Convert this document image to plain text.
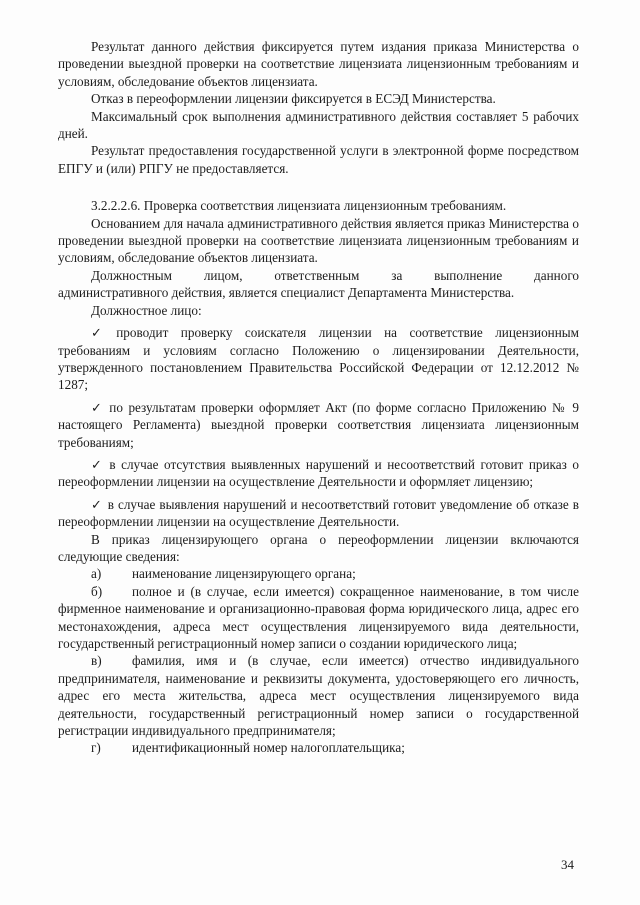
Результат данного действия фиксируется путем издания приказа Министерства о проведении выездной проверки на соответствие лицензиата лицензионным требованиям и условиям, обследование объектов лицензиата.

Отказ в переоформлении лицензии фиксируется в ЕСЭД Министерства.

Максимальный срок выполнения административного действия составляет 5 рабочих дней.

Результат предоставления государственной услуги в электронной форме посредством ЕПГУ и (или) РПГУ не предоставляется.

3.2.2.2.6. Проверка соответствия лицензиата лицензионным требованиям.

Основанием для начала административного действия является приказ Министерства о проведении выездной проверки на соответствие лицензиата лицензионным требованиям и условиям, обследование объектов лицензиата.

Должностным лицом, ответственным за выполнение данного

административного действия, является специалист Департамента Министерства.

Должностное лицо:

✓ проводит проверку соискателя лицензии на соответствие лицензионным требованиям и условиям согласно Положению о лицензировании Деятельности, утвержденного постановлением Правительства Российской Федерации от 12.12.2012 № 1287;

✓ по результатам проверки оформляет Акт (по форме согласно Приложению № 9 настоящего Регламента) выездной проверки соответствия лицензиата лицензионным требованиям;

✓ в случае отсутствия выявленных нарушений и несоответствий готовит приказ о переоформлении лицензии на осуществление Деятельности и оформляет лицензию;

✓ в случае выявления нарушений и несоответствий готовит уведомление об отказе в переоформлении лицензии на осуществление Деятельности.

В приказ лицензирующего органа о переоформлении лицензии включаются следующие сведения:

а)	наименование лицензирующего органа;
б)	полное и (в случае, если имеется) сокращенное наименование, в том числе

фирменное наименование и организационно-правовая форма юридического лица, адрес его местонахождения, адреса мест осуществления лицензируемого вида деятельности, государственный регистрационный номер записи о создании юридического лица;

в)	фамилия, имя и (в случае, если имеется) отчество индивидуального

предпринимателя, наименование и реквизиты документа, удостоверяющего его личность, адрес его места жительства, адреса мест осуществления лицензируемого вида деятельности, государственный регистрационный номер записи о государственной регистрации индивидуального предпринимателя;

г)	идентификационный номер налогоплательщика;
34
